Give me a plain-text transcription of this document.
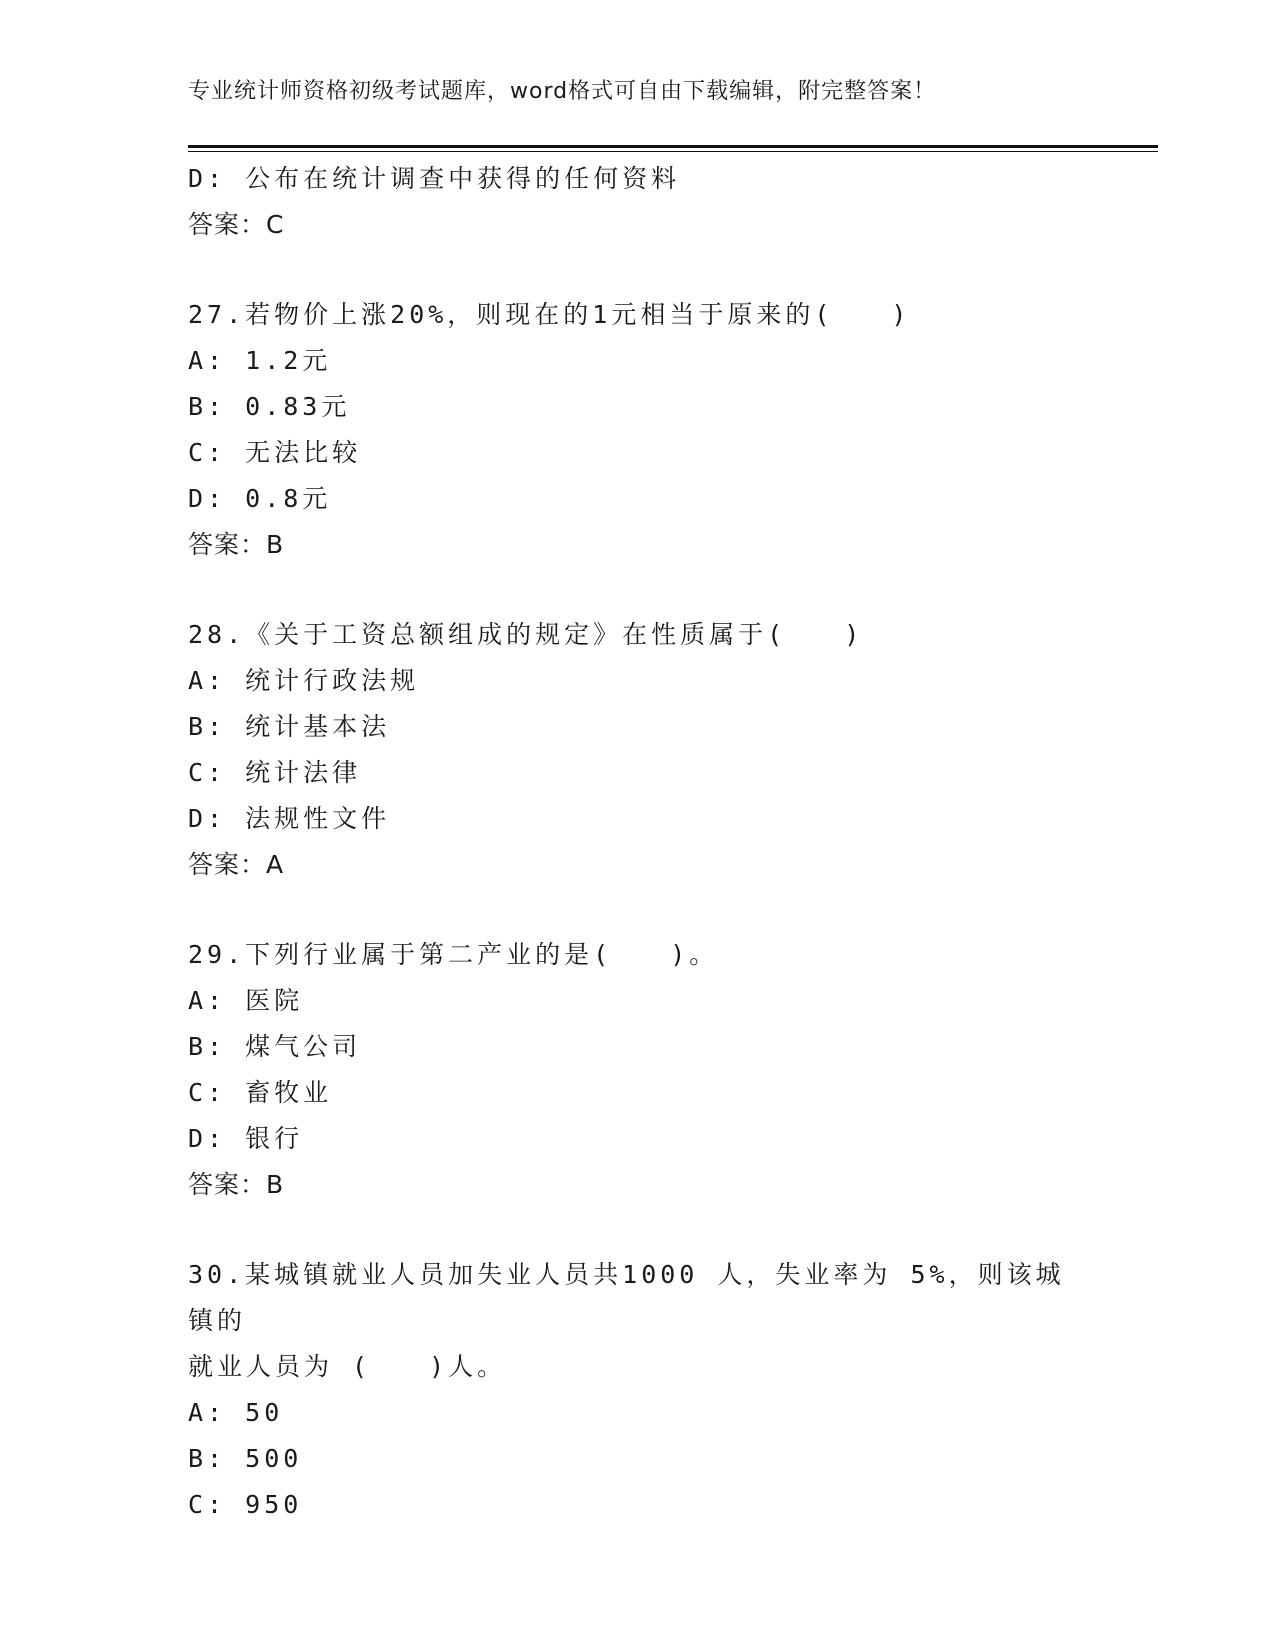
专业统计师资格初级考试题库，word格式可自由下载编辑，附完整答案！
D: 公布在统计调查中获得的任何资料
答案：C
27.若物价上涨20%，则现在的1元相当于原来的(　　)
A: 1.2元
B: 0.83元
C: 无法比较
D: 0.8元
答案：B
28.《关于工资总额组成的规定》在性质属于(　　)
A: 统计行政法规
B: 统计基本法
C: 统计法律
D: 法规性文件
答案：A
29.下列行业属于第二产业的是(　　)。
A: 医院
B: 煤气公司
C: 畜牧业
D: 银行
答案：B
30.某城镇就业人员加失业人员共1000 人，失业率为 5%，则该城镇的
就业人员为 (　　)人。
A: 50
B: 500
C: 950
